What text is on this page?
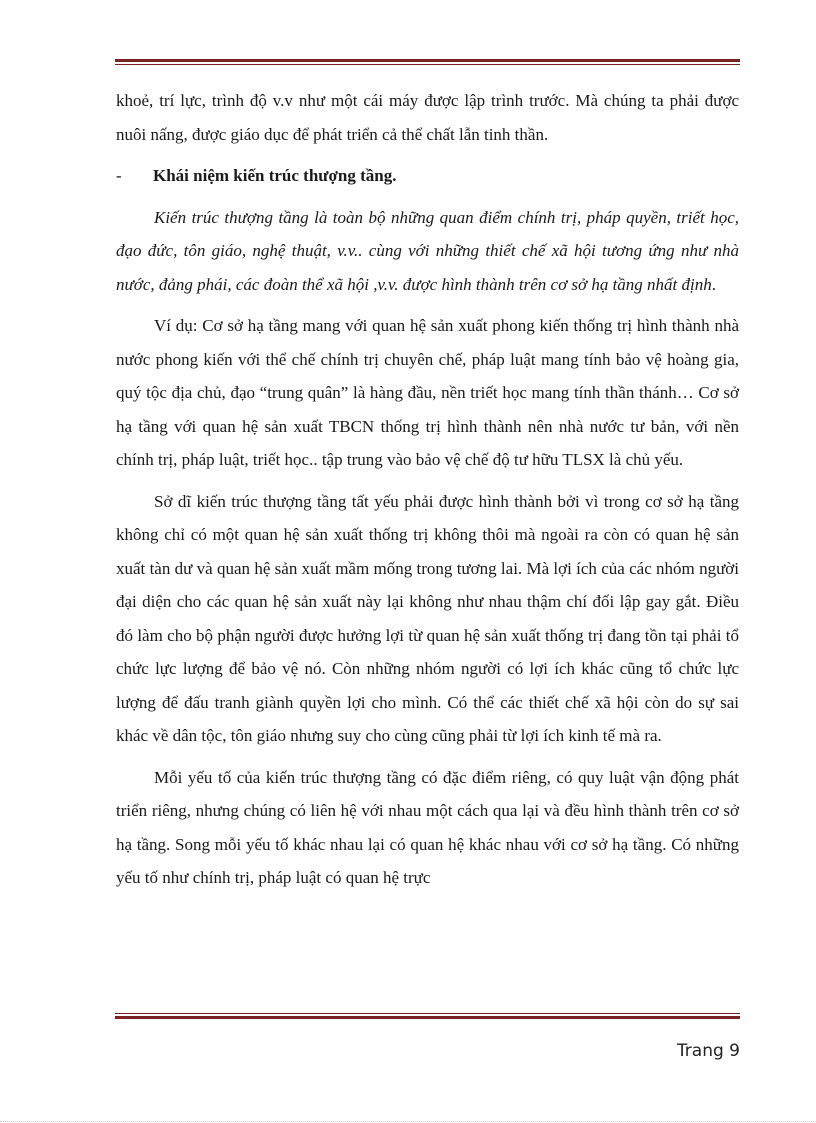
khoẻ, trí lực, trình độ v.v như một cái máy được lập trình trước. Mà chúng ta phải được nuôi nấng, được giáo dục để phát triển cả thể chất lẫn tinh thần.

-	Khái niệm kiến trúc thượng tầng.

Kiến trúc thượng tầng là toàn bộ những quan điểm chính trị, pháp quyền, triết học, đạo đức, tôn giáo, nghệ thuật, v.v.. cùng với những thiết chế xã hội tương ứng như nhà nước, đảng phái, các đoàn thể xã hội ,v.v. được hình thành trên cơ sở hạ tầng nhất định.

Ví dụ: Cơ sở hạ tầng mang với quan hệ sản xuất phong kiến thống trị hình thành nhà nước phong kiến với thể chế chính trị chuyên chế, pháp luật mang tính bảo vệ hoàng gia, quý tộc địa chủ, đạo “trung quân” là hàng đầu, nền triết học mang tính thần thánh… Cơ sở hạ tầng với quan hệ sản xuất TBCN thống trị hình thành nên nhà nước tư bản, với nền chính trị, pháp luật, triết học.. tập trung vào bảo vệ chế độ tư hữu TLSX là chủ yếu.

Sở dĩ kiến trúc thượng tầng tất yếu phải được hình thành bởi vì trong cơ sở hạ tầng không chỉ có một quan hệ sản xuất thống trị không thôi mà ngoài ra còn có quan hệ sản xuất tàn dư và quan hệ sản xuất mầm mống trong tương lai. Mà lợi ích của các nhóm người đại diện cho các quan hệ sản xuất này lại không như nhau thậm chí đối lập gay gắt. Điều đó làm cho bộ phận người được hưởng lợi từ quan hệ sản xuất thống trị đang tồn tại phải tổ chức lực lượng để bảo vệ nó. Còn những nhóm người có lợi ích khác cũng tổ chức lực lượng để đấu tranh giành quyền lợi cho mình. Có thể các thiết chế xã hội còn do sự sai khác về dân tộc, tôn giáo nhưng suy cho cùng cũng phải từ lợi ích kinh tế mà ra.

Mỗi yếu tố của kiến trúc thượng tầng có đặc điểm riêng, có quy luật vận động phát triển riêng, nhưng chúng có liên hệ với nhau một cách qua lại và đều hình thành trên cơ sở hạ tầng. Song mỗi yếu tố khác nhau lại có quan hệ khác nhau với cơ sở hạ tầng. Có những yếu tố như chính trị, pháp luật có quan hệ trực

Trang 9
